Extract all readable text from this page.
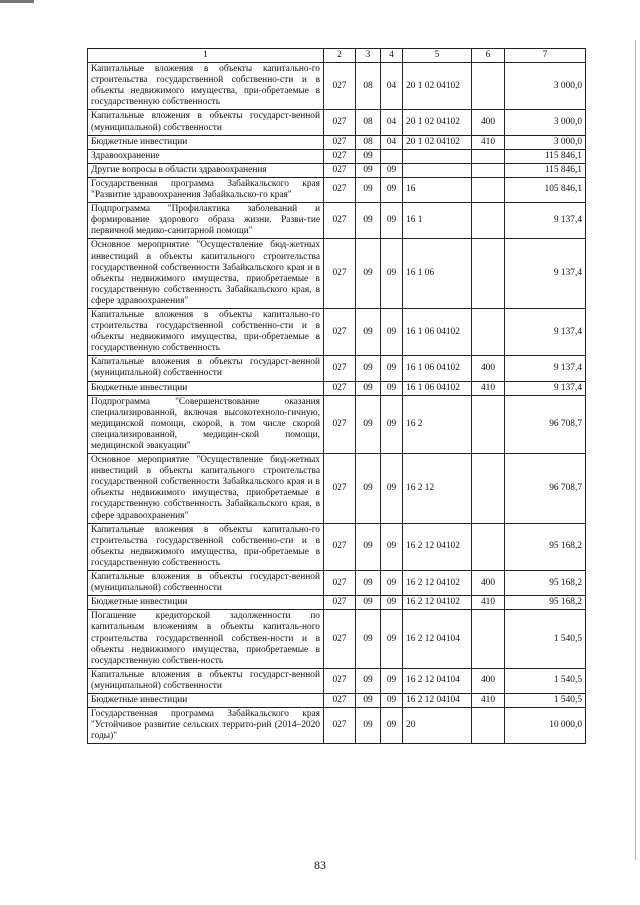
1	2	3	4	5	6	7
Капитальные вложения в объекты капитально-го строительства государственной собственно-сти и в объекты недвижимого имущества, при-обретаемые в государственную собственность	027	08	04	20 1 02 04102		3 000,0
Капитальные вложения в объекты государст-венной (муниципальной) собственности	027	08	04	20 1 02 04102	400	3 000,0
Бюджетные инвестиции	027	08	04	20 1 02 04102	410	3 000,0
Здравоохранение	027	09				115 846,1
Другие вопросы в области здравоохранения	027	09	09			115 846,1
Государственная программа Забайкальского края "Развитие здравоохранения Забайкальско-го края"	027	09	09	16		105 846,1
Подпрограмма "Профилактика заболеваний и формирование здорового образа жизни. Разви-тие первичной медико-санитарной помощи"	027	09	09	16 1		9 137,4
Основное мероприятие "Осуществление бюд-жетных инвестиций в объекты капитального строительства государственной собственности Забайкальского края и в объекты недвижимого имущества, приобретаемые в государственную собственность Забайкальского края, в сфере здравоохранения"	027	09	09	16 1 06		9 137,4
Капитальные вложения в объекты капитально-го строительства государственной собственно-сти и в объекты недвижимого имущества, при-обретаемые в государственную собственность	027	09	09	16 1 06 04102		9 137,4
Капитальные вложения в объекты государст-венной (муниципальной) собственности	027	09	09	16 1 06 04102	400	9 137,4
Бюджетные инвестиции	027	09	09	16 1 06 04102	410	9 137,4
Подпрограмма "Совершенствование оказания специализированной, включая высокотехноло-гичную, медицинской помощи, скорой, в том числе скорой специализированной, медицин-ской помощи, медицинской эвакуации"	027	09	09	16 2		96 708,7
Основное мероприятие "Осуществление бюд-жетных инвестиций в объекты капитального строительства государственной собственности Забайкальского края и в объекты недвижимого имущества, приобретаемые в государственную собственность Забайкальского края, в сфере здравоохранения"	027	09	09	16 2 12		96 708,7
Капитальные вложения в объекты капитально-го строительства государственной собственно-сти и в объекты недвижимого имущества, при-обретаемые в государственную собственность	027	09	09	16 2 12 04102		95 168,2
Капитальные вложения в объекты государст-венной (муниципальной) собственности	027	09	09	16 2 12 04102	400	95 168,2
Бюджетные инвестиции	027	09	09	16 2 12 04102	410	95 168,2
Погашение кредиторской задолженности по капитальным вложениям в объекты капиталь-ного строительства государственной собствен-ности и в объекты недвижимого имущества, приобретаемые в государственную собствен-ность	027	09	09	16 2 12 04104		1 540,5
Капитальные вложения в объекты государст-венной (муниципальной) собственности	027	09	09	16 2 12 04104	400	1 540,5
Бюджетные инвестиции	027	09	09	16 2 12 04104	410	1 540,5
Государственная программа Забайкальского края "Устойчивое развитие сельских террито-рий (2014–2020 годы)"	027	09	09	20		10 000,0
83
